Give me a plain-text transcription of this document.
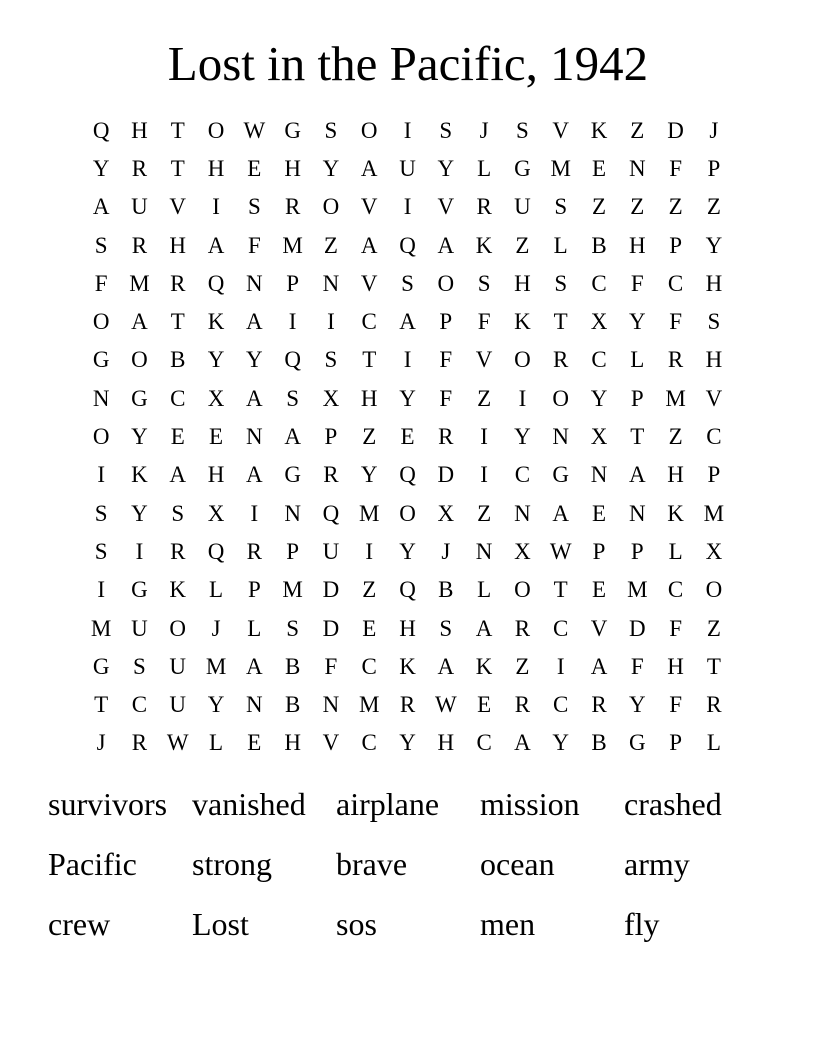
Lost in the Pacific, 1942
Q H T O W G	S	O	I	S	J	S	V K Z D	J
Y R	T H E H Y A U Y L G M E N	F	P
A U V	I	S	R O V	I	V R U	S	Z	Z	Z	Z
S	R H A	F M Z A Q A K Z	L	B H	P	Y
F M R Q N	P	N V	S	O	S	H	S	C	F	C H
O A T K A	I	I	C A	P	F	K T X Y	F	S
G O B Y Y Q	S	T	I	F	V O R C	L	R H
N G C X A	S	X H Y	F	Z	I	O Y	P M V
O Y E	E N A	P	Z	E	R	I	Y N X T	Z	C
I	K A H A G R Y Q D	I	C G N A H	P
S	Y	S	X	I	N Q M O X Z N A E N K M
S	I	R Q R	P	U	I	Y	J	N X W P	P	L X
I	G K L	P M D Z Q B	L O T	E M C O
M U O	J	L	S	D E H	S	A R C V D	F	Z
G	S	U M A B	F	C K A K Z	I	A	F	H T
T	C U Y N B N M R W E	R C R Y	F	R
J	R W L	E H V C Y H C A Y B G	P	L
survivors vanished airplane	mission	crashed
Pacific	strong	brave	ocean	army
crew	Lost	sos	men	fly
